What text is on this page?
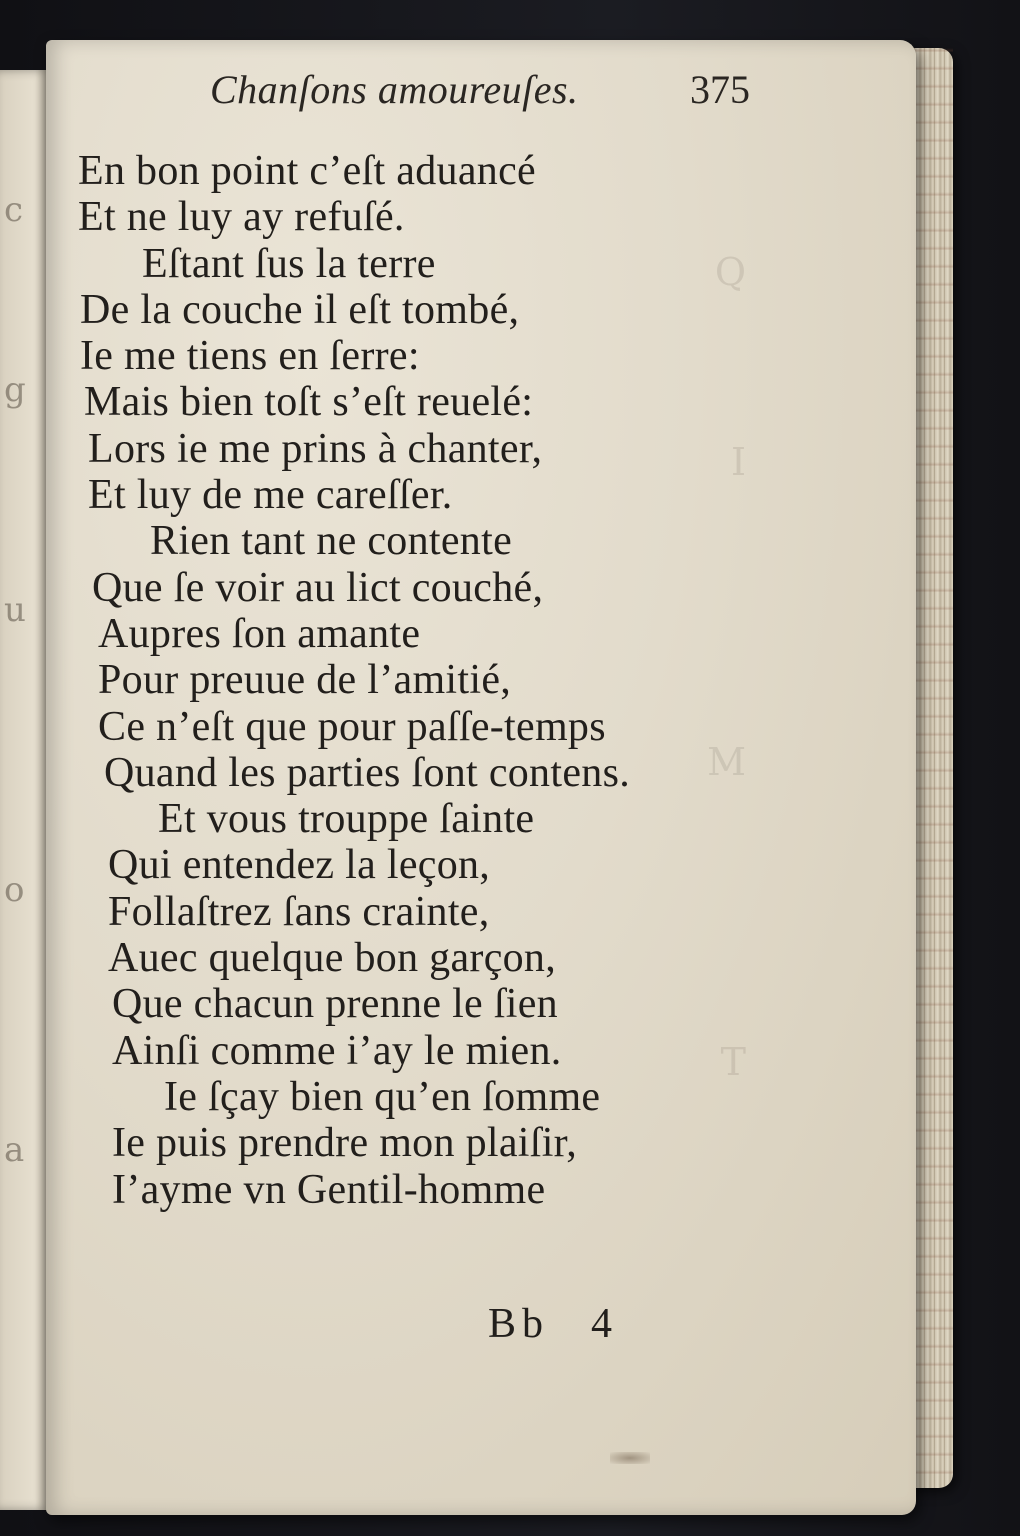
c
g
u
o
a
Q
I
M
T
Chanſons amoureuſes.	375
En bon point c’eſt aduancé
Et ne luy ay refuſé.
Eſtant ſus la terre
De la couche il eſt tombé,
Ie me tiens en ſerre:
Mais bien toſt s’eſt reuelé:
Lors ie me prins à chanter,
Et luy de me careſſer.
Rien tant ne contente
Que ſe voir au lict couché,
Aupres ſon amante
Pour preuue de l’amitié,
Ce n’eſt que pour paſſe-temps
Quand les parties ſont contens.
Et vous trouppe ſainte
Qui entendez la leçon,
Follaſtrez ſans crainte,
Auec quelque bon garçon,
Que chacun prenne le ſien
Ainſi comme i’ay le mien.
Ie ſçay bien qu’en ſomme
Ie puis prendre mon plaiſir,
I’ayme vn Gentil-homme
Bb 4
